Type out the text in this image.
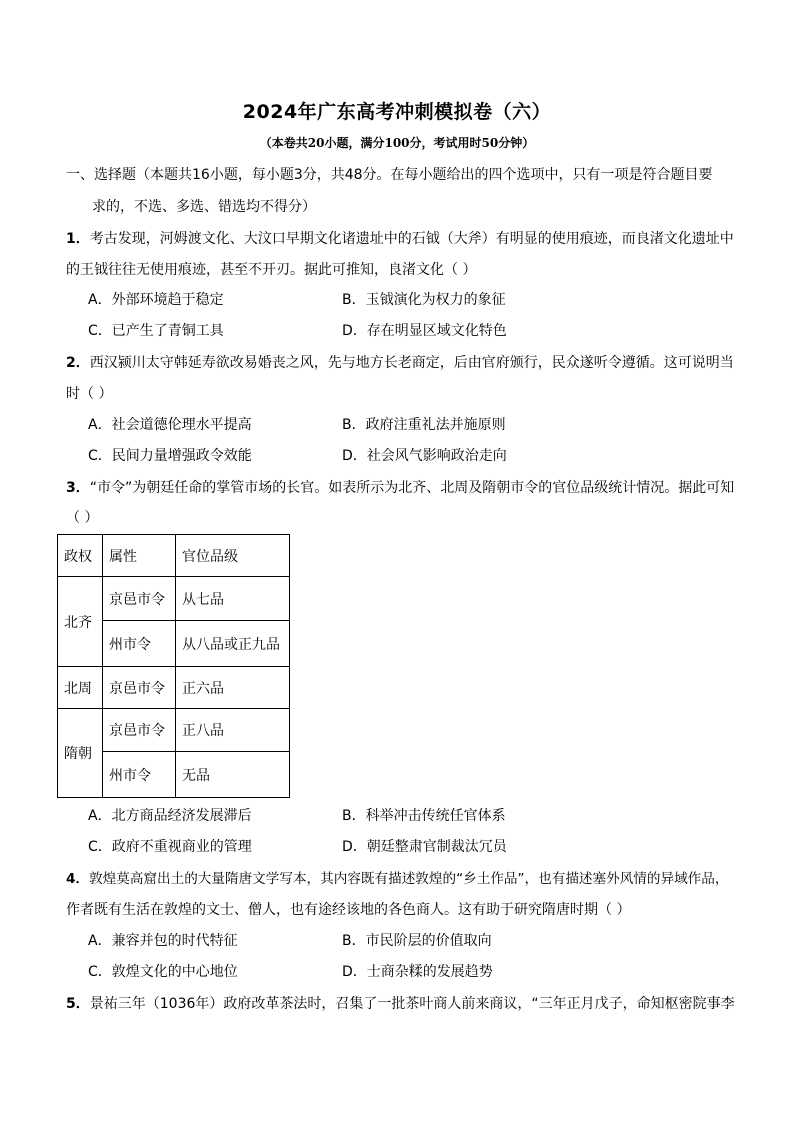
2024年广东高考冲刺模拟卷（六）
（本卷共20小题，满分100分，考试用时50分钟）
一、选择题（本题共16小题，每小题3分，共48分。在每小题给出的四个选项中，只有一项是符合题目要
求的，不选、多选、错选均不得分）
1．考古发现，河姆渡文化、大汶口早期文化诸遗址中的石钺（大斧）有明显的使用痕迹，而良渚文化遗址中
的王钺往往无使用痕迹，甚至不开刃。据此可推知，良渚文化（ ）
A．外部环境趋于稳定	B．玉钺演化为权力的象征
C．已产生了青铜工具	D．存在明显区域文化特色
2．西汉颍川太守韩延寿欲改易婚丧之风，先与地方长老商定，后由官府颁行，民众遂听令遵循。这可说明当
时（ ）
A．社会道德伦理水平提高	B．政府注重礼法并施原则
C．民间力量增强政令效能	D．社会风气影响政治走向
3．“市令”为朝廷任命的掌管市场的长官。如表所示为北齐、北周及隋朝市令的官位品级统计情况。据此可知
（ ）
政权	属性	官位品级
北齐	京邑市令	从七品
	州市令	从八品或正九品
北周	京邑市令	正六品
隋朝	京邑市令	正八品
	州市令	无品
A．北方商品经济发展滞后	B．科举冲击传统任官体系
C．政府不重视商业的管理	D．朝廷整肃官制裁汰冗员
4．敦煌莫高窟出土的大量隋唐文学写本，其内容既有描述敦煌的“乡土作品”，也有描述塞外风情的异域作品，
作者既有生活在敦煌的文士、僧人，也有途经该地的各色商人。这有助于研究隋唐时期（ ）
A．兼容并包的时代特征	B．市民阶层的价值取向
C．敦煌文化的中心地位	D．士商杂糅的发展趋势
5．景祐三年（1036年）政府改革茶法时，召集了一批茶叶商人前来商议，“三年正月戊子，命知枢密院事李
